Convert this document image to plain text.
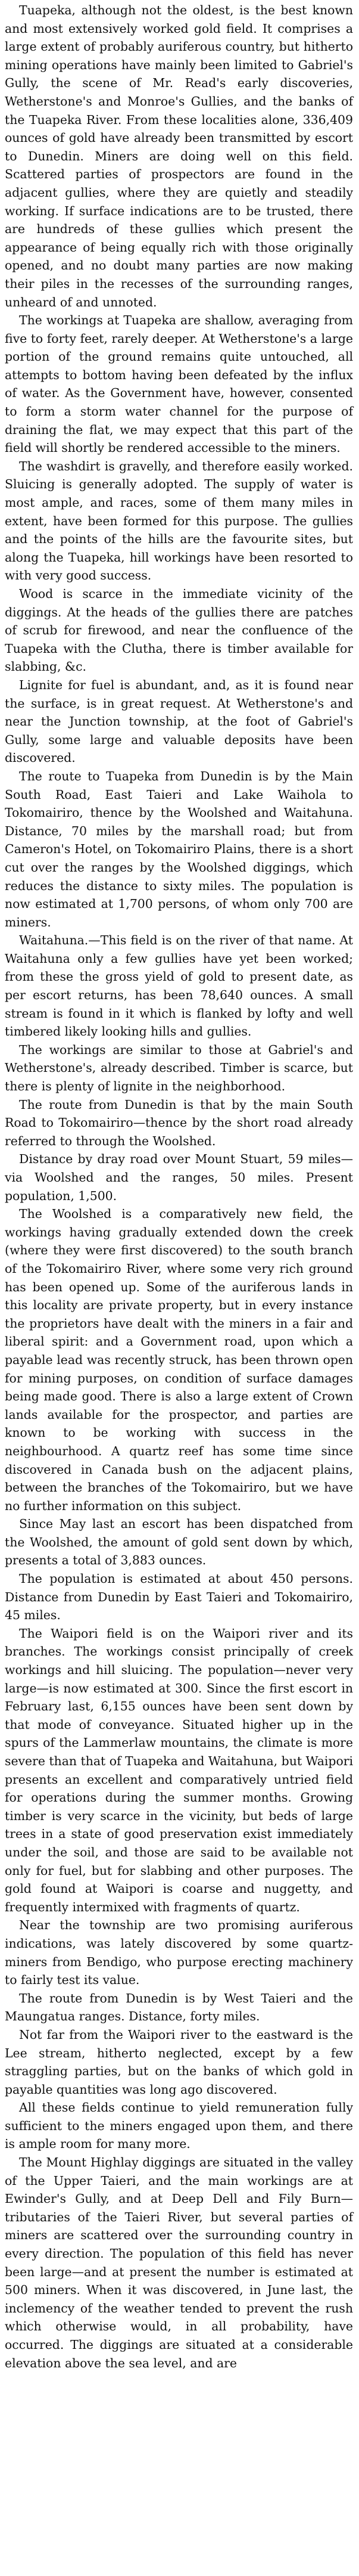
Tuapeka, although not the oldest, is the best known and most extensively worked gold field. It comprises a large extent of probably auriferous country, but hitherto mining operations have mainly been limited to Gabriel's Gully, the scene of Mr. Read's early discoveries, Wetherstone's and Monroe's Gullies, and the banks of the Tuapeka River. From these localities alone, 336,409 ounces of gold have already been transmitted by escort to Dunedin. Miners are doing well on this field. Scattered parties of prospectors are found in the adjacent gullies, where they are quietly and steadily working. If surface indications are to be trusted, there are hundreds of these gullies which present the appearance of being equally rich with those originally opened, and no doubt many parties are now making their piles in the recesses of the surrounding ranges, unheard of and unnoted.

The workings at Tuapeka are shallow, averaging from five to forty feet, rarely deeper. At Wetherstone's a large portion of the ground remains quite untouched, all attempts to bottom having been defeated by the influx of water. As the Government have, however, consented to form a storm water channel for the purpose of draining the flat, we may expect that this part of the field will shortly be rendered accessible to the miners.

The washdirt is gravelly, and therefore easily worked. Sluicing is generally adopted. The supply of water is most ample, and races, some of them many miles in extent, have been formed for this purpose. The gullies and the points of the hills are the favourite sites, but along the Tuapeka, hill workings have been resorted to with very good success.

Wood is scarce in the immediate vicinity of the diggings. At the heads of the gullies there are patches of scrub for firewood, and near the confluence of the Tuapeka with the Clutha, there is timber available for slabbing, &c.

Lignite for fuel is abundant, and, as it is found near the surface, is in great request. At Wetherstone's and near the Junction township, at the foot of Gabriel's Gully, some large and valuable deposits have been discovered.

The route to Tuapeka from Dunedin is by the Main South Road, East Taieri and Lake Waihola to Tokomairiro, thence by the Woolshed and Waitahuna. Distance, 70 miles by the marshall road; but from Cameron's Hotel, on Tokomairiro Plains, there is a short cut over the ranges by the Woolshed diggings, which reduces the distance to sixty miles. The population is now estimated at 1,700 persons, of whom only 700 are miners.

Waitahuna.—This field is on the river of that name. At Waitahuna only a few gullies have yet been worked; from these the gross yield of gold to present date, as per escort returns, has been 78,640 ounces. A small stream is found in it which is flanked by lofty and well timbered likely looking hills and gullies.

The workings are similar to those at Gabriel's and Wetherstone's, already described. Timber is scarce, but there is plenty of lignite in the neighborhood.

The route from Dunedin is that by the main South Road to Tokomairiro—thence by the short road already referred to through the Woolshed.

Distance by dray road over Mount Stuart, 59 miles—via Woolshed and the ranges, 50 miles. Present population, 1,500.

The Woolshed is a comparatively new field, the workings having gradually extended down the creek (where they were first discovered) to the south branch of the Tokomairiro River, where some very rich ground has been opened up. Some of the auriferous lands in this locality are private property, but in every instance the proprietors have dealt with the miners in a fair and liberal spirit: and a Government road, upon which a payable lead was recently struck, has been thrown open for mining purposes, on condition of surface damages being made good. There is also a large extent of Crown lands available for the prospector, and parties are known to be working with success in the neighbourhood. A quartz reef has some time since discovered in Canada bush on the adjacent plains, between the branches of the Tokomairiro, but we have no further information on this subject.

Since May last an escort has been dispatched from the Woolshed, the amount of gold sent down by which, presents a total of 3,883 ounces.

The population is estimated at about 450 persons. Distance from Dunedin by East Taieri and Tokomairiro, 45 miles.

The Waipori field is on the Waipori river and its branches. The workings consist principally of creek workings and hill sluicing. The population—never very large—is now estimated at 300. Since the first escort in February last, 6,155 ounces have been sent down by that mode of conveyance. Situated higher up in the spurs of the Lammerlaw mountains, the climate is more severe than that of Tuapeka and Waitahuna, but Waipori presents an excellent and comparatively untried field for operations during the summer months. Growing timber is very scarce in the vicinity, but beds of large trees in a state of good preservation exist immediately under the soil, and those are said to be available not only for fuel, but for slabbing and other purposes. The gold found at Waipori is coarse and nuggetty, and frequently intermixed with fragments of quartz.

Near the township are two promising auriferous indications, was lately discovered by some quartz-miners from Bendigo, who purpose erecting machinery to fairly test its value.

The route from Dunedin is by West Taieri and the Maungatua ranges. Distance, forty miles.

Not far from the Waipori river to the eastward is the Lee stream, hitherto neglected, except by a few straggling parties, but on the banks of which gold in payable quantities was long ago discovered.

All these fields continue to yield remuneration fully sufficient to the miners engaged upon them, and there is ample room for many more.

The Mount Highlay diggings are situated in the valley of the Upper Taieri, and the main workings are at Ewinder's Gully, and at Deep Dell and Fily Burn—tributaries of the Taieri River, but several parties of miners are scattered over the surrounding country in every direction. The population of this field has never been large—and at present the number is estimated at 500 miners. When it was discovered, in June last, the inclemency of the weather tended to prevent the rush which otherwise would, in all probability, have occurred. The diggings are situated at a considerable elevation above the sea level, and are
